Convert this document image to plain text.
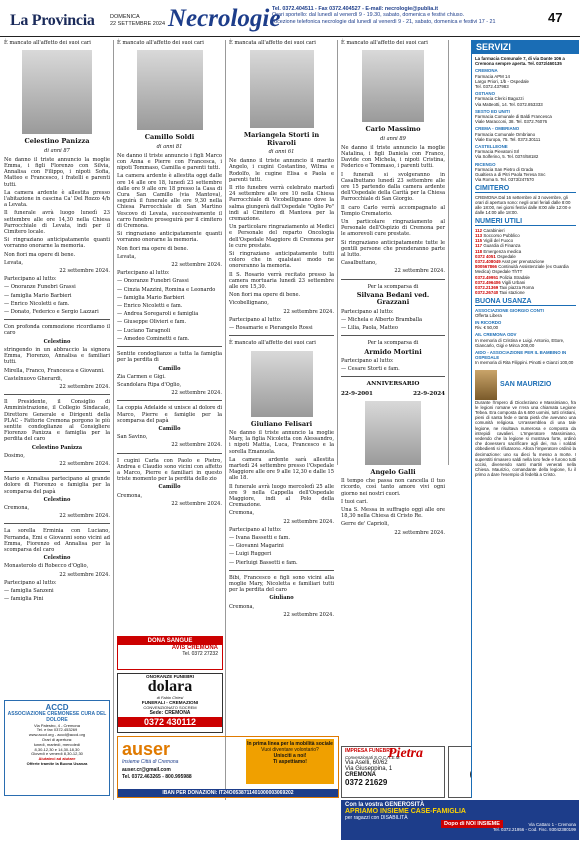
La Provincia	DOMENICA
22 SETTEMBRE 2024 Necrologie
Tel. 0372.404511 - Fax 0372.404527 - E-mail: necrologie@publia.it
Orari sportello: dal lunedì al venerdì 9 - 19.30, sabato, domenica e festivi chiuso.
Ricezione telefonica necrologie dal lunedì al venerdì 9 - 21, sabato, domenica e festivi 17 - 21	47

È mancato all'affetto dei suoi cari

Celestino Panizza
di anni 87

Ne danno il triste annuncio la moglie Emma, i figli Florenzo con Silvia, Annalisa con Filippo, i nipoti Sofia, Matteo e Francesco, i fratelli e parenti tutti.

La camera ardente è allestita presso l'abitazione in cascina Ca' Del Rozzo 4/b a Levata.

Il funerale avrà luogo lunedì 23 settembre alle ore 14,30 nella Chiesa Parrocchiale di Levata, indi per il Cimitero locale.

Si ringraziano anticipatamente quanti vorranno onorarne la memoria.

Non fiori ma opere di bene.

Levata,

22 settembre 2024.

Partecipano al lutto:

— Onoranze Funebri Grassi

— famiglia Mario Barbieri

— Enrico Nicoletti e fam.

— Donato, Federico e Sergio Lazzari

Con profonda commozione ricordiamo il caro

Celestino

stringendo in un abbraccio la signora Emma, Fiorenzo, Annalisa e familiari tutti.

Mirella, Franco, Francesca e Giovanni.

Castelnuovo Gherardi,

22 settembre 2024.

Il Presidente, il Consiglio di Amministrazione, il Collegio Sindacale, Direttore Generale e Dirigenti della PLAC - Fattorie Cremona porgono le più sentite condoglianze al Consigliere Fiorenzo Panizza e famiglia per la perdita del caro

Celestino Panizza

Dosimo,

22 settembre 2024.

Mario e Annalisa partecipano al grande dolore di Fiorenzo e famiglia per la scomparsa del papà

Celestino

Cremona,

22 settembre 2024.

La sorella Erminia con Luciano, Fernanda, Emi e Giovanni sono vicini ad Emma, Fiorenzo ed Annalisa per la scomparsa del caro

Celestino

Monasterolo di Robecco d'Oglio,

22 settembre 2024.

Partecipano al lutto:

— famiglia Sanzeni

— famiglia Pini

ACCD
ASSOCIAZIONE CREMONESE CURA DEL DOLORE
Via Palestro, 4 - Cremona
Tel. e fax 0372.453269
www.accd.org - accd@accd.org
Orari di apertura:
lunedì, martedì, mercoledì
8,30-12,30 e 14,30-18,30
Giovedì e venerdì 8,30-12,30
Aiutateci ad aiutare
Offerte tramite la Buona Usanza

È mancato all'affetto dei suoi cari

Camillo Soldi
di anni 81

Ne danno il triste annuncio i figli Marco con Anna e Pierre con Francesca, i nipoti Tommaso, Camilla e parenti tutti.

La camera ardente è allestita oggi dalle ore 14 alle ore 18, lunedì 23 settembre dalle ore 9 alle ore 18 presso la Casa di Cura San Camillo (via Mantova), seguirà il funerale alle ore 9,30 nella Chiesa Parrocchiale di San Martino Vescovo di Levata, successivamente il carro funebre proseguirà per il cimitero di Cremona.

Si ringraziano anticipatamente quanti vorranno onorarne la memoria.

Non fiori ma opere di bene.

Levata,

22 settembre 2024.

Partecipano al lutto:

— Onoranze Funebri Grassi

— Cinzia Mazzini, Romina e Leonardo

— famiglia Mario Barbieri

— Enrico Nicoletti e fam.

— Andrea Soregaroli e famiglia

— Giuseppe Olivieri e fam.

— Luciano Taragnoli

— Amedeo Cominetti e fam.

Sentite condoglianze a tutta la famiglia per la perdita di

Camillo

Zia Carmen e Gigi.

Scandolara Ripa d'Oglio,

22 settembre 2024.

La coppia Adelaide si unisce al dolore di Marco, Pierre e famiglie per la scomparsa del papà

Camillo

San Savino,

22 settembre 2024.

I cugini Carla con Paolo e Pietro, Andrea e Claudio sono vicini con affetto a Marco, Pierre e familiari in questo triste momento per la perdita dello zio

Camillo

Cremona,

22 settembre 2024.

DONA SANGUE
AVIS CREMONA
Tel. 0372 27232
ONORANZE FUNEBRI
dolara
di Fabio Chiesi
FUNERALI - CREMAZIONI
CONVENZIONATO SOCREM
Sede: CREMONA
0372 430112

È mancata all'affetto dei suoi cari

Mariangela Storti in Rivaroli
di anni 61

Ne danno il triste annuncio il marito Angelo, i cugini Costantino, Wilma e Rodolfo, le cugine Elisa e Paola e parenti tutti.

Il rito funebre verrà celebrato martedì 24 settembre alle ore 10 nella Chiesa Parrocchiale di Vicobellignano dove la salma giungerà dall'Ospedale "Oglio Po" indi al Cimitero di Mantova per la cremazione.

Un particolare ringraziamento ai Medici e Personale del reparto Oncologia dell'Ospedale Maggiore di Cremona per le cure prestate.

Si ringraziano anticipatamente tutti coloro che in qualsiasi modo ne onoreranno la memoria.

Il S. Rosario verrà recitato presso la camera mortuaria lunedì 23 settembre alle ore 15,30.

Non fiori ma opere di bene.

Vicobellignano,

22 settembre 2024.

Partecipano al lutto:

— Rosamarie e Pierangelo Rossi

È mancato all'affetto dei suoi cari

Giuliano Felisari

Ne danno il triste annuncio la moglie Mary, la figlia Nicoletta con Alessandro, i nipoti Mattia, Luca, Francesco e la sorella Emanuela.

La camera ardente sarà allestita martedì 24 settembre presso l'Ospedale Maggiore alle ore 9 alle 12,30 e dalle 15 alle 18.

Il funerale avrà luogo mercoledì 25 alle ore 9 nella Cappella dell'Ospedale Maggiore, indi al Polo della Cremazione.

Cremona,

22 settembre 2024.

Partecipano al lutto:

— Ivana Bassetti e fam.

— Giovanni Magarini

— Luigi Ruggeri

— Pierluigi Bassetti e fam.

Bibi, Francesco e figli sono vicini alla moglie Mary, Nicoletta e familiari tutti per la perdita del caro

Giuliano

Cremona,

22 settembre 2024.

auser
Insieme Città di Cremona
auser.cr@gmail.com
Tel. 0372.463265 - 800.995988
In prima linea per la mobilità sociale
Vuoi diventare volontario?
Unisciti a noi!
Ti aspettiamo!
IBAN PER DONAZIONI: IT24O0538711401000003069202

È mancato all'affetto dei suoi cari

Carlo Massimo
di anni 89

Ne danno il triste annuncio la moglie Natalina, i figli Daniela con Franco, Davide con Michela, i nipoti Cristina, Federico e Tommaso, i parenti tutti.

I funerali si svolgeranno in Casalbuttano lunedì 23 settembre alle ore 15 partendo dalla camera ardente dell'Ospedale della Carità per la Chiesa Parrocchiale di San Giorgio.

Il caro Carlo verrà accompagnato al Tempio Crematorio.

Un particolare ringraziamento al Personale dell'Ospizio di Cremona per le amorevoli cure prestate.

Si ringraziano anticipatamente tutte le gentili persone che prenderanno parte al lutto.

Casalbuttano,

22 settembre 2024.

Per la scomparsa di

Silvana Bedani ved. Grazzani

Partecipano al lutto:

— Michela e Alberto Bramballa

— Lilia, Paola, Matteo

Per la scomparsa di

Armido Mortini

Partecipano al lutto:

— Cesare Storti e fam.

ANNIVERSARIO
22-9-2001	22-9-2024
Angelo Galli

Il tempo che passa non cancella il tuo ricordo, così tanto amore vivi ogni giorno nei nostri cuori.

I tuoi cari.

Una S. Messa in suffragio oggi alle ore 18,30 nella Chiesa di Cristo Re.

Gerre de' Caprioli,

22 settembre 2024.

IMPRESA FUNEBRE
Pietra
Convenzionati S.O.C.R.E.M.
Via Aselli, 60/62
Via Giuseppina, 1
CREMONA
0372 21629
SERVIZI
La farmacia Comunale 7, di via Dante 106 a Cremona sempre aperta. Tel. 0372/460135
CREMONA
Farmacia APM 14
Largo Priori, 1/b - Ospedale
Tel. 0372.437983
OSTIANO
Farmacia Clerici Bagozzi
Via Matteotti, 14. Tel. 0372.853333
SESTO ED UNITI
Farmacia Comunale di Baldi Francesca
Viale Maracconi, 38. Tel. 0372.76076
CREMA - OMBRIANO
Farmacia Comunale Ombriano
Viale Europa, 75. Tel. 0373.30111
CASTELLEONE
Farmacia Pievatoni Srl
Via Solferino, 5. Tel. 0374/58182
RICENGO
Farmacia San Pietro di Grada
Gualtiera a di Pitri Paola Teresa Snc
Via Roma 5. Tel. 0373/247570
CIMITERO
CREMONA Dal 16 settembre al 3 novembre, gli orari di apertura sono: negli orari feriali dalle 8:00 alle 18:00, nei giorni festivi dalle 8:00 alle 12:00 e dalle 14:00 alle 18:00.
NUMERI UTILI
112 Carabinieri
113 Soccorso Pubblico
115 Vigili del Fuoco
117 Guardia di Finanza
118 Emergenza medica
0372 4051 Ospedale
0372.408049 Asst per prenotazione
800567866 Continuità Assistenziale (ex Guardia Medica) Ospedale ThTT
0372.49951 Polizia Stradale
0372.496406 Vigili Urbani
0372.21369 Taxi piazza Roma
0372.26740 Taxi stazione
BUONA USANZA
ASSOCIAZIONE GIORGIO CONTI
Offerta Libera
IN RICORDO
Riv. € 50,00
AIL CREMONA ODV
In memoria di Cristina e Luigi. Antonio, Ettore, Giancarlo, Gigi e Mirca 200,00
AIDO - ASSOCIAZIONE PER IL BAMBINO IN OSPEDALE
In memoria di Rita Filippini. Pinotti e Gianzi 100,00
SAN MAURIZIO
Durante l'impero di Diocleziano e Massimiano, fra le legioni romane ve n'era una chiamata Legione Tebea. Era composta da 6.600 uomini, tutti cristiani, pieni di santa fede e tanta pietà che avevano una comunità religiosa. Un'assemblea di una tale legione, ne risultava numerosa e composta da intrepidi cavalieri. L'Imperatore Massimiano, vedendo che la legione si mostrava forte, ordinò che dovessero sacrificare agli dei, ma i soldati obbedienti si rifiutarono. Allora l'imperatore ordinò la decimazione: uno su dieci fu messo a morte. I superstiti rimasero saldi nella loro fede e furono tutti uccisi, divenendo santi martiri venerati nella Chiesa. Maurizio, comandante della legione, fu il primo a dare l'esempio di fedeltà a Cristo.
Con la vostra GENEROSITÀ
APRIAMO INSIEME CASE-FAMIGLIA
per ragazzi con DISABILITÀ
Dopo di NOI INSIEME	Via Cattaro 1 - Cremona
Tel. 0372.21956 - Cod. Fisc. 93042380199
